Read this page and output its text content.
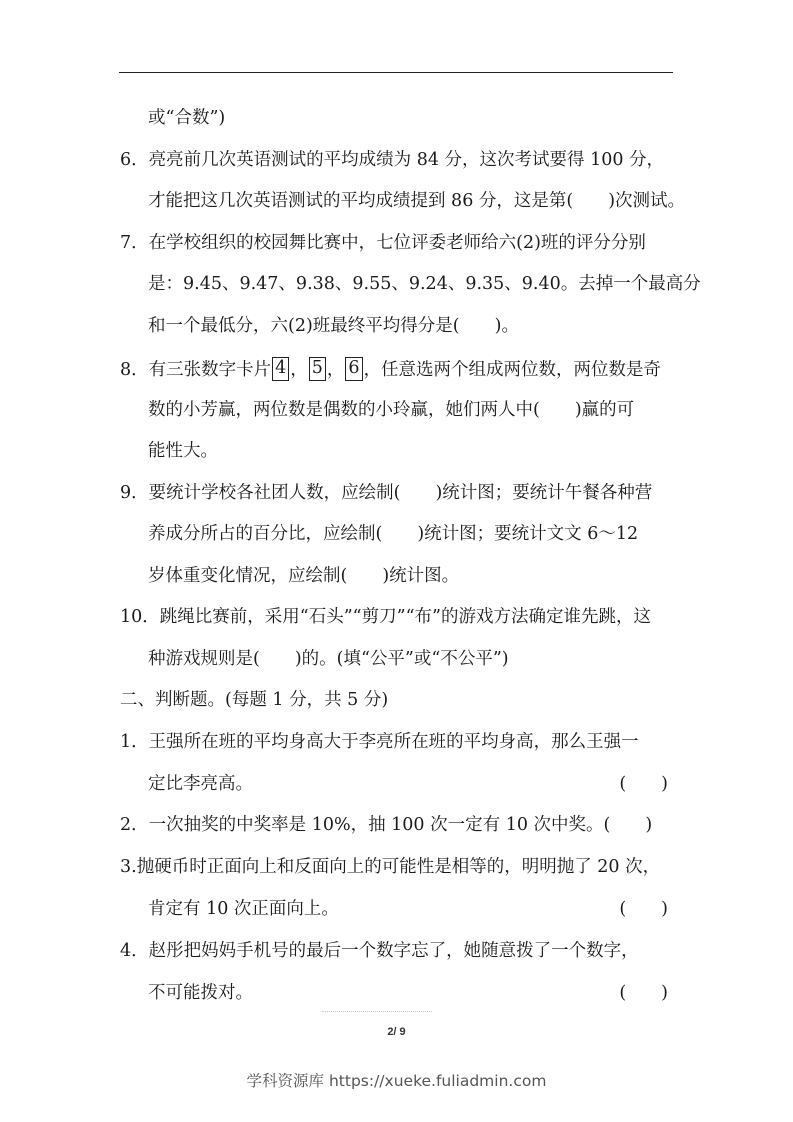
或“合数”)
6．亮亮前几次英语测试的平均成绩为 84 分，这次考试要得 100 分，
才能把这几次英语测试的平均成绩提到 86 分，这是第(　　)次测试。
7．在学校组织的校园舞比赛中，七位评委老师给六(2)班的评分分别
是：9.45、9.47、9.38、9.55、9.24、9.35、9.40。去掉一个最高分
和一个最低分，六(2)班最终平均得分是(　　)。
8．有三张数字卡片 4 ， 5 ， 6 ，任意选两个组成两位数，两位数是奇
数的小芳赢，两位数是偶数的小玲赢，她们两人中(　　)赢的可
能性大。
9．要统计学校各社团人数，应绘制(　　)统计图；要统计午餐各种营
养成分所占的百分比，应绘制(　　)统计图；要统计文文 6～12
岁体重变化情况，应绘制(　　)统计图。
10．跳绳比赛前，采用“石头”“剪刀”“布”的游戏方法确定谁先跳，这
种游戏规则是(　　)的。(填“公平”或“不公平”)
二、判断题。(每题 1 分，共 5 分)
1．王强所在班的平均身高大于李亮所在班的平均身高，那么王强一
定比李亮高。	(　　)
2．一次抽奖的中奖率是 10%，抽 100 次一定有 10 次中奖。(　　)
3.抛硬币时正面向上和反面向上的可能性是相等的，明明抛了 20 次，
肯定有 10 次正面向上。	(　　)
4．赵彤把妈妈手机号的最后一个数字忘了，她随意拨了一个数字，
不可能拨对。	(　　)
2/ 9
学科资源库 https://xueke.fuliadmin.com
